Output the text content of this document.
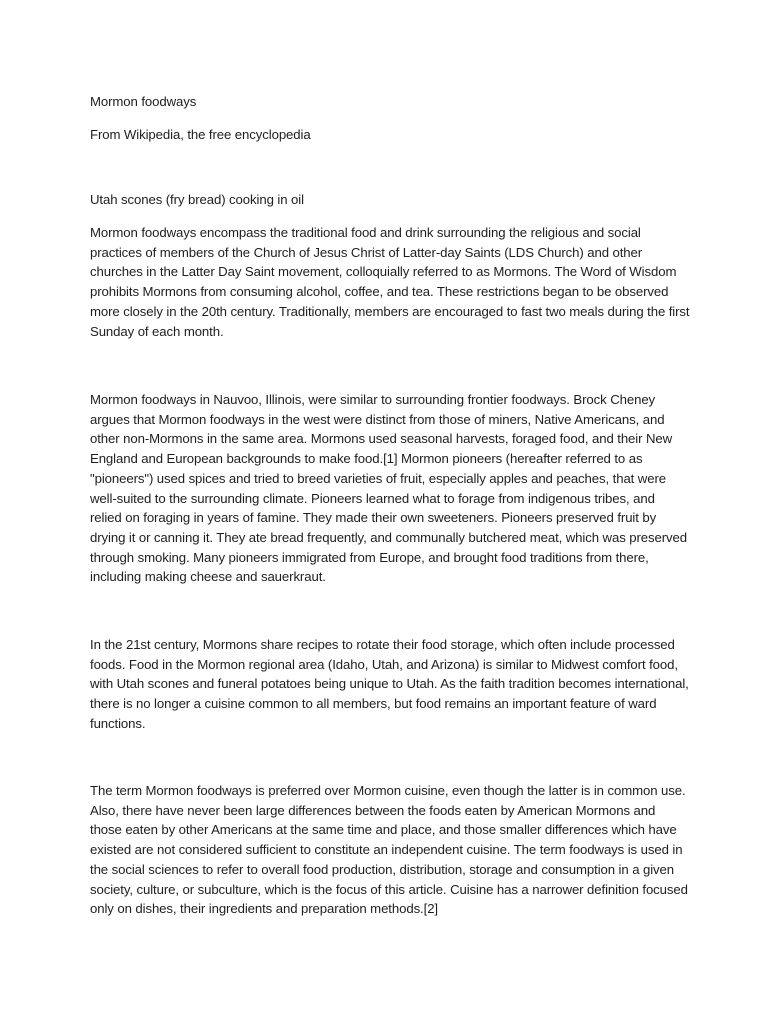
Mormon foodways

From Wikipedia, the free encyclopedia

Utah scones (fry bread) cooking in oil

Mormon foodways encompass the traditional food and drink surrounding the religious and social practices of members of the Church of Jesus Christ of Latter-day Saints (LDS Church) and other churches in the Latter Day Saint movement, colloquially referred to as Mormons. The Word of Wisdom prohibits Mormons from consuming alcohol, coffee, and tea. These restrictions began to be observed more closely in the 20th century. Traditionally, members are encouraged to fast two meals during the first Sunday of each month.

Mormon foodways in Nauvoo, Illinois, were similar to surrounding frontier foodways. Brock Cheney argues that Mormon foodways in the west were distinct from those of miners, Native Americans, and other non-Mormons in the same area. Mormons used seasonal harvests, foraged food, and their New England and European backgrounds to make food.[1] Mormon pioneers (hereafter referred to as "pioneers") used spices and tried to breed varieties of fruit, especially apples and peaches, that were well-suited to the surrounding climate. Pioneers learned what to forage from indigenous tribes, and relied on foraging in years of famine. They made their own sweeteners. Pioneers preserved fruit by drying it or canning it. They ate bread frequently, and communally butchered meat, which was preserved through smoking. Many pioneers immigrated from Europe, and brought food traditions from there, including making cheese and sauerkraut.

In the 21st century, Mormons share recipes to rotate their food storage, which often include processed foods. Food in the Mormon regional area (Idaho, Utah, and Arizona) is similar to Midwest comfort food, with Utah scones and funeral potatoes being unique to Utah. As the faith tradition becomes international, there is no longer a cuisine common to all members, but food remains an important feature of ward functions.

The term Mormon foodways is preferred over Mormon cuisine, even though the latter is in common use. Also, there have never been large differences between the foods eaten by American Mormons and those eaten by other Americans at the same time and place, and those smaller differences which have existed are not considered sufficient to constitute an independent cuisine. The term foodways is used in the social sciences to refer to overall food production, distribution, storage and consumption in a given society, culture, or subculture, which is the focus of this article. Cuisine has a narrower definition focused only on dishes, their ingredients and preparation methods.[2]
